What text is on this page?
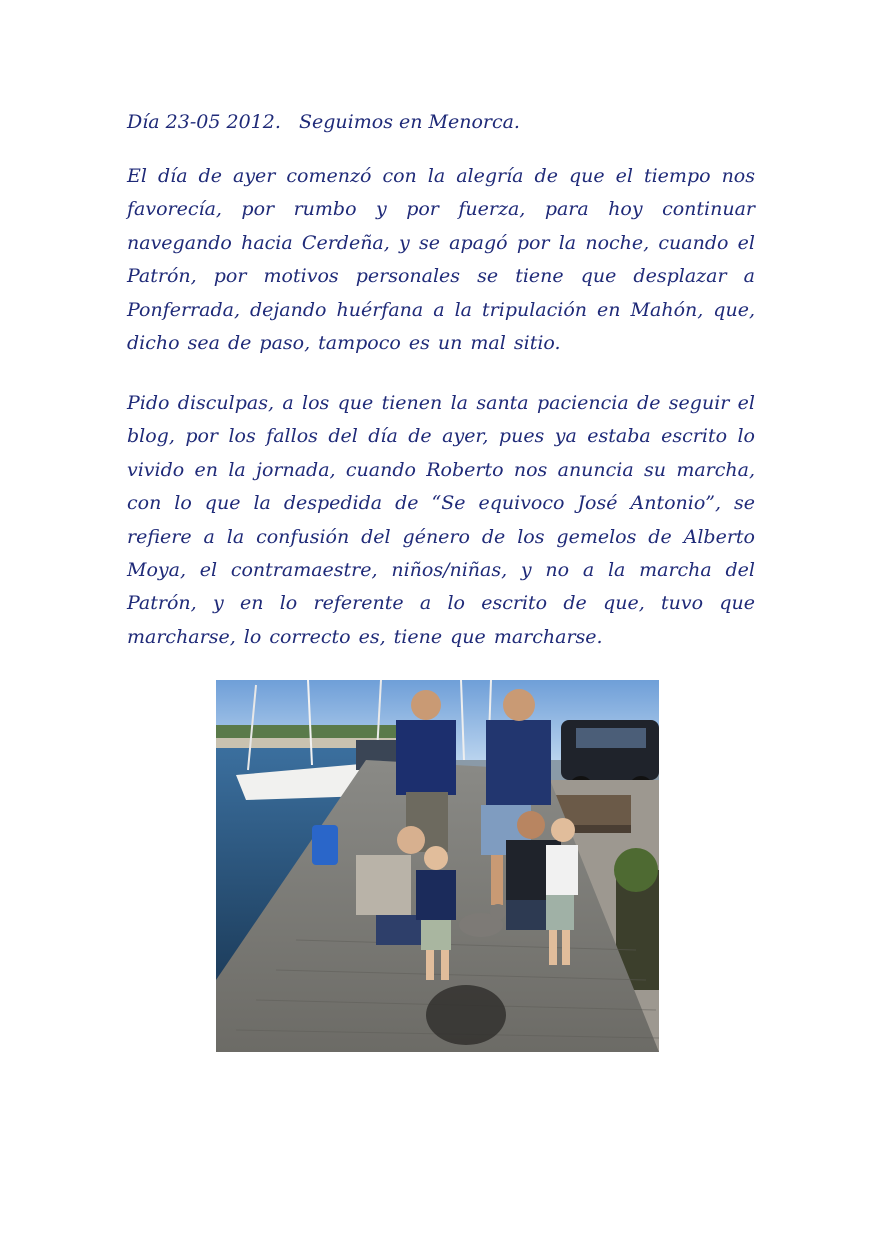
Día 23-05 2012.   Seguimos en Menorca.

El día de ayer comenzó con la alegría de que el tiempo nos favorecía, por rumbo y por fuerza, para hoy continuar navegando hacia Cerdeña, y se apagó por la noche, cuando el Patrón, por motivos personales se tiene que desplazar a Ponferrada, dejando huérfana a la tripulación en Mahón, que, dicho sea de paso, tampoco es un mal sitio.

Pido disculpas, a los que tienen la santa paciencia de seguir el blog, por los fallos del día de ayer, pues ya estaba escrito lo vivido en la jornada, cuando Roberto nos anuncia su marcha, con lo que la despedida de “Se equivoco José Antonio”, se refiere a la confusión del género de los gemelos de Alberto Moya, el contramaestre, niños/niñas, y no a la marcha del Patrón, y en lo referente a lo escrito de que, tuvo que marcharse, lo correcto es, tiene que marcharse.
